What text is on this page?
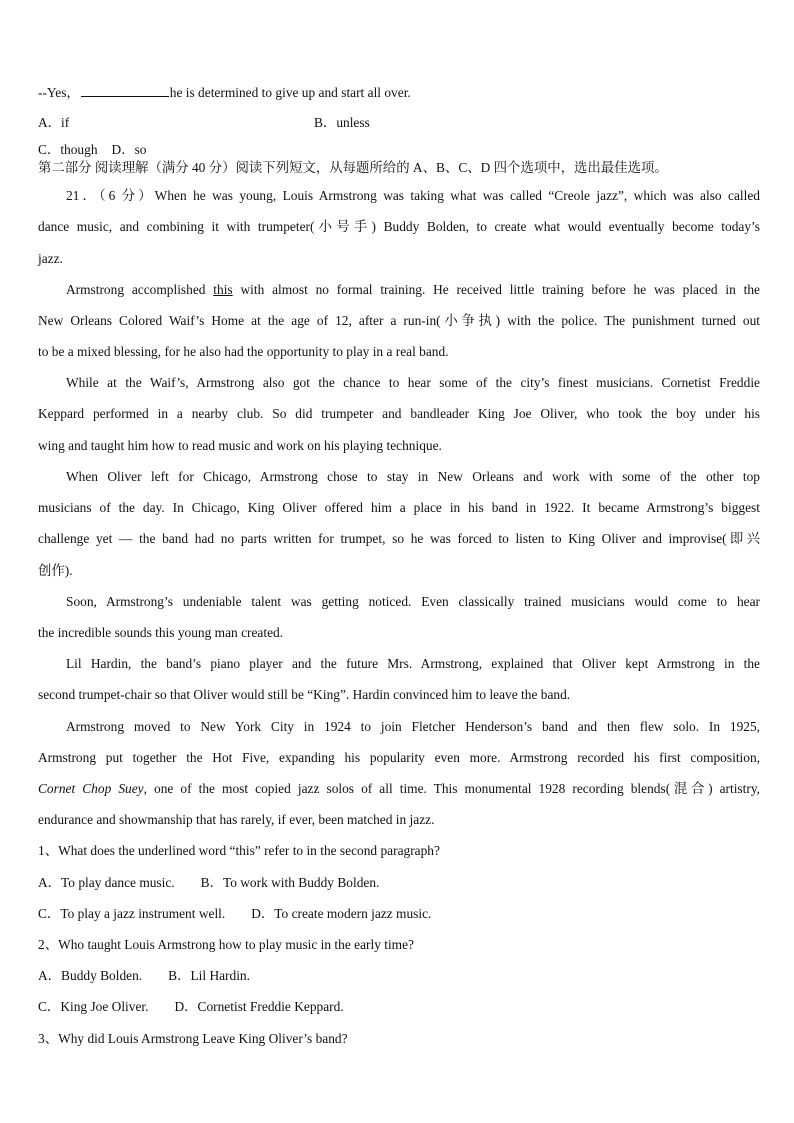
--Yes，	he is determined to give up and start all over.
A．if	B．unless
C．though D．so
第二部分 阅读理解（满分 40 分）阅读下列短文，从每题所给的 A、B、C、D 四个选项中，选出最佳选项。
21．（6 分）When he was young, Louis Armstrong was taking what was called “Creole jazz”, which was also called
dance music, and combining it with trumpeter(小号手) Buddy Bolden, to create what would eventually become today’s
jazz.
Armstrong accomplished this with almost no formal training. He received little training before he was placed in the
New Orleans Colored Waif’s Home at the age of 12, after a run-in(小争执) with the police. The punishment turned out
to be a mixed blessing, for he also had the opportunity to play in a real band.
While at the Waif’s, Armstrong also got the chance to hear some of the city’s finest musicians. Cornetist Freddie
Keppard performed in a nearby club. So did trumpeter and bandleader King Joe Oliver, who took the boy under his
wing and taught him how to read music and work on his playing technique.
When Oliver left for Chicago, Armstrong chose to stay in New Orleans and work with some of the other top
musicians of the day. In Chicago, King Oliver offered him a place in his band in 1922. It became Armstrong’s biggest
challenge yet — the band had no parts written for trumpet, so he was forced to listen to King Oliver and improvise(即兴
创作).
Soon, Armstrong’s undeniable talent was getting noticed. Even classically trained musicians would come to hear
the incredible sounds this young man created.
Lil Hardin, the band’s piano player and the future Mrs. Armstrong, explained that Oliver kept Armstrong in the
second trumpet-chair so that Oliver would still be “King”. Hardin convinced him to leave the band.
Armstrong moved to New York City in 1924 to join Fletcher Henderson’s band and then flew solo. In 1925,
Armstrong put together the Hot Five, expanding his popularity even more. Armstrong recorded his first composition,
Cornet Chop Suey, one of the most copied jazz solos of all time. This monumental 1928 recording blends(混合) artistry,
endurance and showmanship that has rarely, if ever, been matched in jazz.
1、What does the underlined word “this” refer to in the second paragraph?
A．To play dance music. B．To work with Buddy Bolden.
C．To play a jazz instrument well. D．To create modern jazz music.
2、Who taught Louis Armstrong how to play music in the early time?
A．Buddy Bolden. B．Lil Hardin.
C．King Joe Oliver. D．Cornetist Freddie Keppard.
3、Why did Louis Armstrong Leave King Oliver’s band?
